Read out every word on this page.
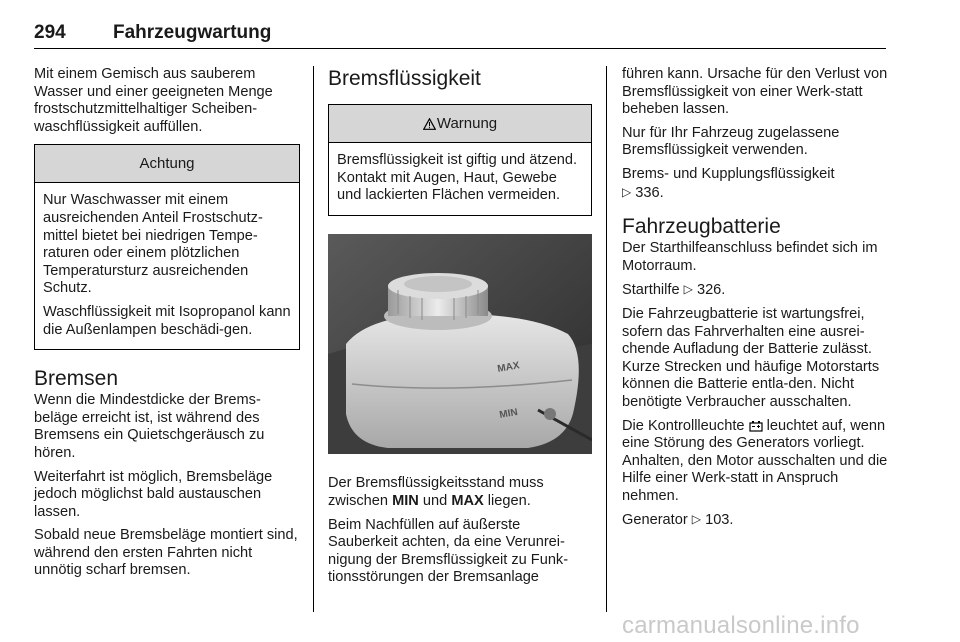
294 Fahrzeugwartung

Mit einem Gemisch aus sauberem Wasser und einer geeigneten Menge frostschutzmittelhaltiger Scheiben-waschflüssigkeit auffüllen.

Achtung

Nur Waschwasser mit einem ausreichenden Anteil Frostschutz-mittel bietet bei niedrigen Tempe-raturen oder einem plötzlichen Temperatursturz ausreichenden Schutz.

Waschflüssigkeit mit Isopropanol kann die Außenlampen beschädi-gen.

Bremsen

Wenn die Mindestdicke der Brems-beläge erreicht ist, ist während des Bremsens ein Quietschgeräusch zu hören.

Weiterfahrt ist möglich, Bremsbeläge jedoch möglichst bald austauschen lassen.

Sobald neue Bremsbeläge montiert sind, während den ersten Fahrten nicht unnötig scharf bremsen.

Bremsflüssigkeit
Warnung

Bremsflüssigkeit ist giftig und ätzend. Kontakt mit Augen, Haut, Gewebe und lackierten Flächen vermeiden.

MAX
MIN

Der Bremsflüssigkeitsstand muss zwischen MIN und MAX liegen.

Beim Nachfüllen auf äußerste Sauberkeit achten, da eine Verunrei-nigung der Bremsflüssigkeit zu Funk-tionsstörungen der Bremsanlage

führen kann. Ursache für den Verlust von Bremsflüssigkeit von einer Werk-statt beheben lassen.

Nur für Ihr Fahrzeug zugelassene Bremsflüssigkeit verwenden.

Brems- und Kupplungsflüssigkeit
▷ 336.

Fahrzeugbatterie

Der Starthilfeanschluss befindet sich im Motorraum.

Starthilfe ▷ 326.

Die Fahrzeugbatterie ist wartungsfrei, sofern das Fahrverhalten eine ausrei-chende Aufladung der Batterie zulässt. Kurze Strecken und häufige Motorstarts können die Batterie entla-den. Nicht benötigte Verbraucher ausschalten.

Die Kontrollleuchte leuchtet auf, wenn eine Störung des Generators vorliegt. Anhalten, den Motor ausschalten und die Hilfe einer Werk-statt in Anspruch nehmen.

Generator ▷ 103.

carmanualsonline.info
